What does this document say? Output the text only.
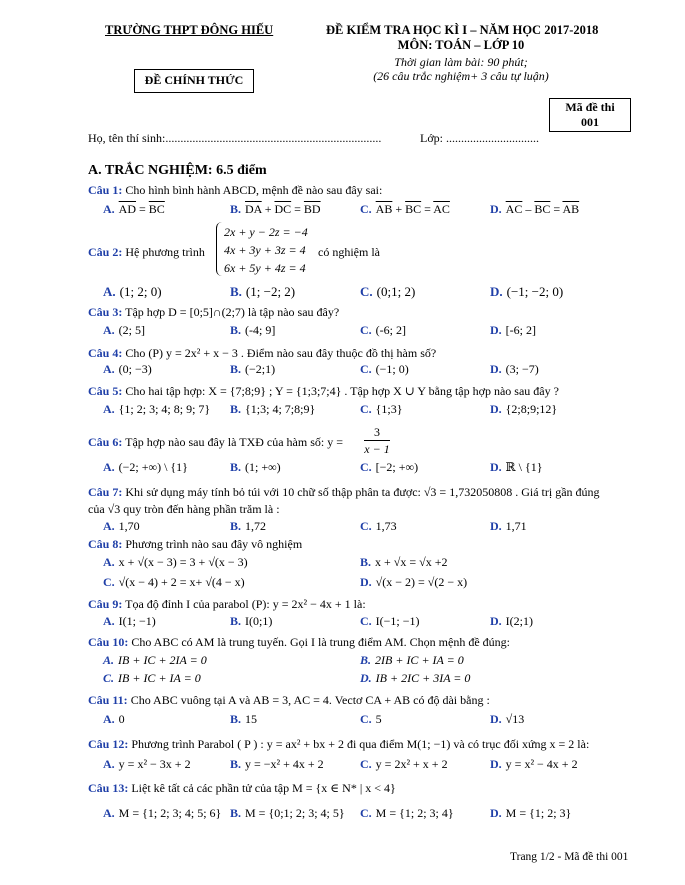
TRƯỜNG THPT ĐÔNG HIẾU	ĐỀ KIỂM TRA HỌC KÌ I – NĂM HỌC 2017-2018
MÔN: TOÁN – LỚP 10
Thời gian làm bài: 90 phút;
(26 câu trắc nghiệm+ 3 câu tự luận)
ĐỀ CHÍNH THỨC
Mã đề thi
001
Họ, tên thí sinh:........................................................................	Lớp: ...............................
A. TRẮC NGHIỆM: 6.5 điểm
Câu 1: Cho hình bình hành ABCD, mệnh đề nào sau đây sai:
A. $\overline{AD} = \overline{BC}$	B. $\overline{DA} + \overline{DC} = \overline{BD}$	C. $\overline{AB} + \overline{BC} = \overline{AC}$	D. $\overline{AC} - \overline{BC} = \overline{AB}$
Câu 2: Hệ phương trình
2x + y − 2z = −4
4x + 3y + 3z = 4
6x + 5y + 4z = 4
có nghiệm là
A. (1; 2; 0)	B. (1; −2; 2)	C. (0;1; 2)	D. (−1; −2; 0)
Câu 3: Tập hợp D = [0;5]∩(2;7) là tập nào sau đây?
A. (2; 5]	B. (-4; 9]	C. (-6; 2]	D. [-6; 2]
Câu 4: Cho (P) y = 2x² + x − 3 . Điểm nào sau đây thuộc đồ thị hàm số?
A. (0; −3)	B. (−2;1)	C. (−1; 0)	D. (3; −7)
Câu 5: Cho hai tập hợp: X = {7;8;9} ; Y = {1;3;7;4} . Tập hợp X ∪ Y bằng tập hợp nào sau đây ?
A. {1; 2; 3; 4; 8; 9; 7} B. {1;3; 4; 7;8;9}	C. {1;3}	D. {2;8;9;12}
Câu 6: Tập hợp nào sau đây là TXĐ của hàm số: y =
3
x − 1
A. (−2; +∞) \ {1}	B. (1; +∞)	C. [−2; +∞)	D. ℝ \ {1}
Câu 7: Khi sử dụng máy tính bỏ túi với 10 chữ số thập phân ta được: √3 = 1,732050808 . Giá trị gần đúng
của √3 quy tròn đến hàng phần trăm là :
A. 1,70	B. 1,72	C. 1,73	D. 1,71
Câu 8: Phương trình nào sau đây vô nghiệm
A. x + √(x − 3) = 3 + √(x − 3)	B. x + √x = √x +2
C. √(x − 4) + 2 = x+ √(4 − x)	D. √(x − 2) = √(2 − x)
Câu 9: Tọa độ đỉnh I của parabol (P): y = 2x² − 4x + 1 là:
A. I(1; −1)	B. I(0;1)	C. I(−1; −1)	D. I(2;1)
Câu 10: Cho ABC có AM là trung tuyến. Gọi I là trung điểm AM. Chọn mệnh đề đúng:
A. IB + IC + 2IA = 0	B. 2IB + IC + IA = 0
C. IB + IC + IA = 0	D. IB + 2IC + 3IA = 0
Câu 11: Cho ABC vuông tại A và AB = 3, AC = 4. Vectơ CA + AB có độ dài bằng :
A. 0	B. 15	C. 5	D. √13
Câu 12: Phương trình Parabol ( P ) : y = ax² + bx + 2 đi qua điểm M(1; −1) và có trục đối xứng x = 2 là:
A. y = x² − 3x + 2	B. y = −x² + 4x + 2	C. y = 2x² + x + 2	D. y = x² − 4x + 2
Câu 13: Liệt kê tất cả các phần tử của tập M = {x ∈ N* | x < 4}
A. M = {1; 2; 3; 4; 5; 6} B. M = {0;1; 2; 3; 4; 5} C. M = {1; 2; 3; 4}	D. M = {1; 2; 3}
Trang 1/2 - Mã đề thi 001
